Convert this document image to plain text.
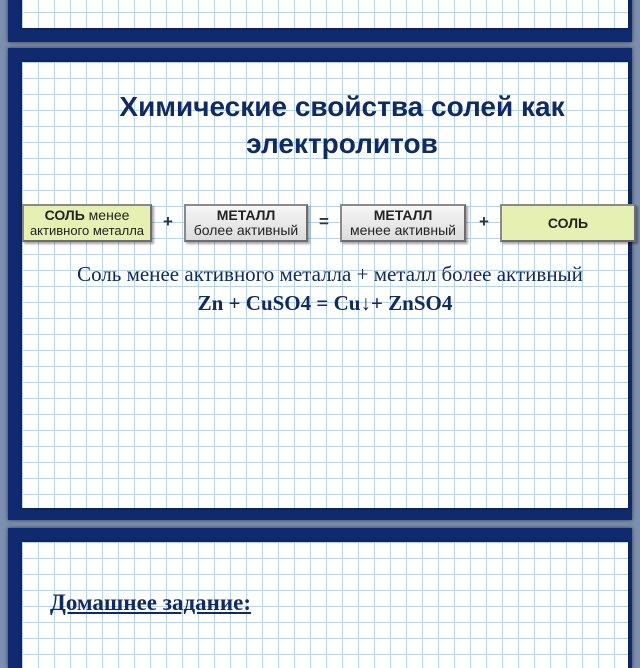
Химические свойства солей как электролитов
СОЛЬ менее
активного металла +	МЕТАЛЛ
более активный =	МЕТАЛЛ
менее активный +	СОЛЬ

Соль менее активного металла + металл более активный

Zn + CuSO4 = Cu↓+ ZnSO4

Домашнее задание:
